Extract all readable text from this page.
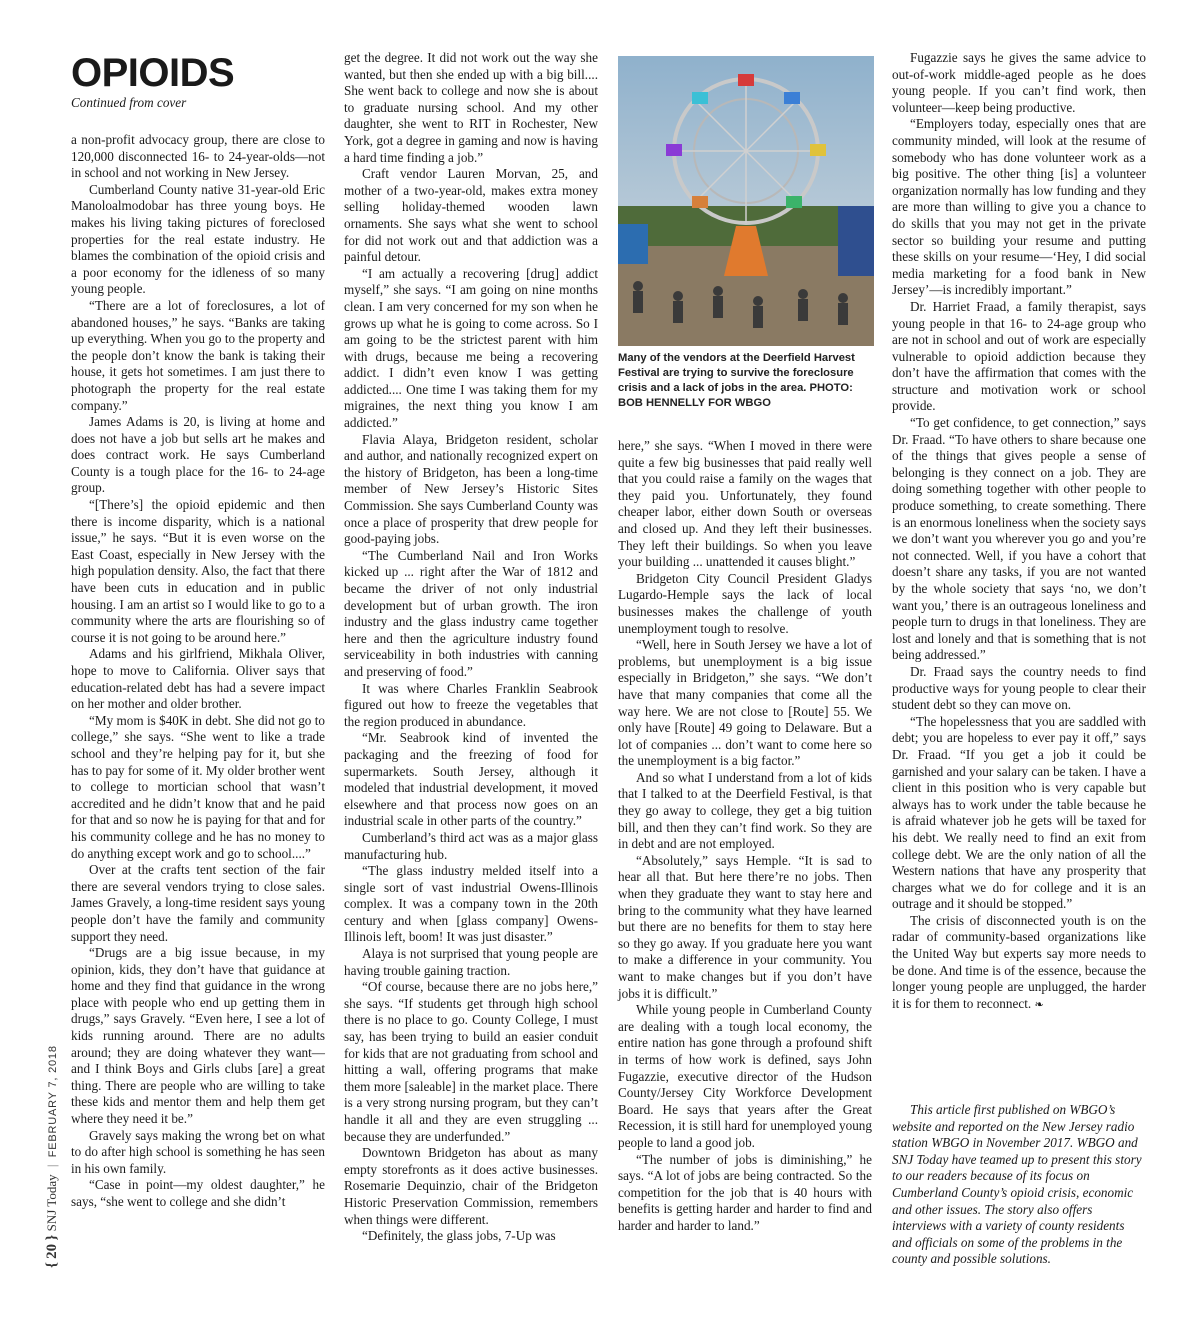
OPIOIDS

Continued from cover

a non-profit advocacy group, there are close to 120,000 disconnected 16- to 24-year-olds—not in school and not working in New Jersey.

Cumberland County native 31-year-old Eric Manoloalmodobar has three young boys. He makes his living taking pictures of foreclosed properties for the real estate industry. He blames the combination of the opioid crisis and a poor economy for the idleness of so many young people.

“There are a lot of foreclosures, a lot of abandoned houses,” he says. “Banks are taking up everything. When you go to the property and the people don’t know the bank is taking their house, it gets hot sometimes. I am just there to photograph the property for the real estate company.”

James Adams is 20, is living at home and does not have a job but sells art he makes and does contract work. He says Cumberland County is a tough place for the 16- to 24-age group.

“[There’s] the opioid epidemic and then there is income disparity, which is a national issue,” he says. “But it is even worse on the East Coast, especially in New Jersey with the high population density. Also, the fact that there have been cuts in education and in public housing. I am an artist so I would like to go to a community where the arts are flourishing so of course it is not going to be around here.”

Adams and his girlfriend, Mikhala Oliver, hope to move to California. Oliver says that education-related debt has had a severe impact on her mother and older brother.

“My mom is $40K in debt. She did not go to college,” she says. “She went to like a trade school and they’re helping pay for it, but she has to pay for some of it. My older brother went to college to mortician school that wasn’t accredited and he didn’t know that and he paid for that and so now he is paying for that and for his community college and he has no money to do anything except work and go to school....”

Over at the crafts tent section of the fair there are several vendors trying to close sales. James Gravely, a long-time resident says young people don’t have the family and community support they need.

“Drugs are a big issue because, in my opinion, kids, they don’t have that guidance at home and they find that guidance in the wrong place with people who end up getting them in drugs,” says Gravely. “Even here, I see a lot of kids running around. There are no adults around; they are doing whatever they want—and I think Boys and Girls clubs [are] a great thing. There are people who are willing to take these kids and mentor them and help them get where they need it be.”

Gravely says making the wrong bet on what to do after high school is something he has seen in his own family.

“Case in point—my oldest daughter,” he says, “she went to college and she didn’t

get the degree. It did not work out the way she wanted, but then she ended up with a big bill.... She went back to college and now she is about to graduate nursing school. And my other daughter, she went to RIT in Rochester, New York, got a degree in gaming and now is having a hard time finding a job.”

Craft vendor Lauren Morvan, 25, and mother of a two-year-old, makes extra money selling holiday-themed wooden lawn ornaments. She says what she went to school for did not work out and that addiction was a painful detour.

“I am actually a recovering [drug] addict myself,” she says. “I am going on nine months clean. I am very concerned for my son when he grows up what he is going to come across. So I am going to be the strictest parent with him with drugs, because me being a recovering addict. I didn’t even know I was getting addicted.... One time I was taking them for my migraines, the next thing you know I am addicted.”

Flavia Alaya, Bridgeton resident, scholar and author, and nationally recognized expert on the history of Bridgeton, has been a long-time member of New Jersey’s Historic Sites Commission. She says Cumberland County was once a place of prosperity that drew people for good-paying jobs.

“The Cumberland Nail and Iron Works kicked up ... right after the War of 1812 and became the driver of not only industrial development but of urban growth. The iron industry and the glass industry came together here and then the agriculture industry found serviceability in both industries with canning and preserving of food.”

It was where Charles Franklin Seabrook figured out how to freeze the vegetables that the region produced in abundance.

“Mr. Seabrook kind of invented the packaging and the freezing of food for supermarkets. South Jersey, although it modeled that industrial development, it moved elsewhere and that process now goes on an industrial scale in other parts of the country.”

Cumberland’s third act was as a major glass manufacturing hub.

“The glass industry melded itself into a single sort of vast industrial Owens-Illinois complex. It was a company town in the 20th century and when [glass company] Owens-Illinois left, boom! It was just disaster.”

Alaya is not surprised that young people are having trouble gaining traction.

“Of course, because there are no jobs here,” she says. “If students get through high school there is no place to go. County College, I must say, has been trying to build an easier conduit for kids that are not graduating from school and hitting a wall, offering programs that make them more [saleable] in the market place. There is a very strong nursing program, but they can’t handle it all and they are even struggling ... because they are underfunded.”

Downtown Bridgeton has about as many empty storefronts as it does active businesses. Rosemarie Dequinzio, chair of the Bridgeton Historic Preservation Commission, remembers when things were different.

“Definitely, the glass jobs, 7-Up was

Many of the vendors at the Deerfield Harvest Festival are trying to survive the foreclosure crisis and a lack of jobs in the area. PHOTO: BOB HENNELLY FOR WBGO

here,” she says. “When I moved in there were quite a few big businesses that paid really well that you could raise a family on the wages that they paid you. Unfortunately, they found cheaper labor, either down South or overseas and closed up. And they left their businesses. They left their buildings. So when you leave your building ... unattended it causes blight.”

Bridgeton City Council President Gladys Lugardo-Hemple says the lack of local businesses makes the challenge of youth unemployment tough to resolve.

“Well, here in South Jersey we have a lot of problems, but unemployment is a big issue especially in Bridgeton,” she says. “We don’t have that many companies that come all the way here. We are not close to [Route] 55. We only have [Route] 49 going to Delaware. But a lot of companies ... don’t want to come here so the unemployment is a big factor.”

And so what I understand from a lot of kids that I talked to at the Deerfield Festival, is that they go away to college, they get a big tuition bill, and then they can’t find work. So they are in debt and are not employed.

“Absolutely,” says Hemple. “It is sad to hear all that. But here there’re no jobs. Then when they graduate they want to stay here and bring to the community what they have learned but there are no benefits for them to stay here so they go away. If you graduate here you want to make a difference in your community. You want to make changes but if you don’t have jobs it is difficult.”

While young people in Cumberland County are dealing with a tough local economy, the entire nation has gone through a profound shift in terms of how work is defined, says John Fugazzie, executive director of the Hudson County/Jersey City Workforce Development Board. He says that years after the Great Recession, it is still hard for unemployed young people to land a good job.

“The number of jobs is diminishing,” he says. “A lot of jobs are being contracted. So the competition for the job that is 40 hours with benefits is getting harder and harder to find and harder and harder to land.”

Fugazzie says he gives the same advice to out-of-work middle-aged people as he does young people. If you can’t find work, then volunteer—keep being productive.

“Employers today, especially ones that are community minded, will look at the resume of somebody who has done volunteer work as a big positive. The other thing [is] a volunteer organization normally has low funding and they are more than willing to give you a chance to do skills that you may not get in the private sector so building your resume and putting these skills on your resume—‘Hey, I did social media marketing for a food bank in New Jersey’—is incredibly important.”

Dr. Harriet Fraad, a family therapist, says young people in that 16- to 24-age group who are not in school and out of work are especially vulnerable to opioid addiction because they don’t have the affirmation that comes with the structure and motivation work or school provide.

“To get confidence, to get connection,” says Dr. Fraad. “To have others to share because one of the things that gives people a sense of belonging is they connect on a job. They are doing something together with other people to produce something, to create something. There is an enormous loneliness when the society says we don’t want you wherever you go and you’re not connected. Well, if you have a cohort that doesn’t share any tasks, if you are not wanted by the whole society that says ‘no, we don’t want you,’ there is an outrageous loneliness and people turn to drugs in that loneliness. They are lost and lonely and that is something that is not being addressed.”

Dr. Fraad says the country needs to find productive ways for young people to clear their student debt so they can move on.

“The hopelessness that you are saddled with debt; you are hopeless to ever pay it off,” says Dr. Fraad. “If you get a job it could be garnished and your salary can be taken. I have a client in this position who is very capable but always has to work under the table because he is afraid whatever job he gets will be taxed for his debt. We really need to find an exit from college debt. We are the only nation of all the Western nations that have any prosperity that charges what we do for college and it is an outrage and it should be stopped.”

The crisis of disconnected youth is on the radar of community-based organizations like the United Way but experts say more needs to be done. And time is of the essence, because the longer young people are unplugged, the harder it is for them to reconnect. ❧

This article first published on WBGO’s website and reported on the New Jersey radio station WBGO in November 2017. WBGO and SNJ Today have teamed up to present this story to our readers because of its focus on Cumberland County’s opioid crisis, economic and other issues. The story also offers interviews with a variety of county residents and officials on some of the problems in the county and possible solutions.

{ 20 } SNJ Today | FEBRUARY 7, 2018
